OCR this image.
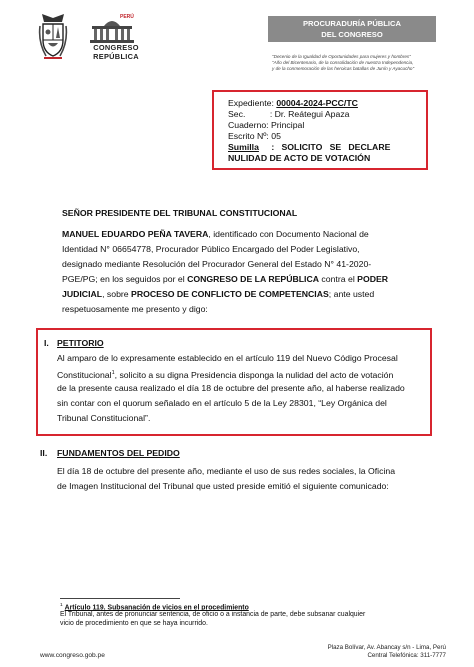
PERÚ
CONGRESO
REPÚBLICA
PROCURADURÍA PÚBLICA
DEL CONGRESO
"Decenio de la Igualdad de Oportunidades para mujeres y hombres"
"Año del Bicentenario, de la consolidación de nuestra Independencia,
y de la conmemoración de las heroicas batallas de Junín y Ayacucho"
Expediente: 00004-2024-PCC/TC
Sec.	: Dr. Reátegui Apaza
Cuaderno: Principal
Escrito Nº: 05
Sumilla :   SOLICITO   SE   DECLARE
NULIDAD DE ACTO DE VOTACIÓN
SEÑOR PRESIDENTE DEL TRIBUNAL CONSTITUCIONAL
MANUEL EDUARDO PEÑA TAVERA, identificado con Documento Nacional de
Identidad N° 06654778, Procurador Público Encargado del Poder Legislativo,
designado mediante Resolución del Procurador General del Estado N° 41-2020-
PGE/PG; en los seguidos por el CONGRESO DE LA REPÚBLICA contra el PODER
JUDICIAL, sobre PROCESO DE CONFLICTO DE COMPETENCIAS; ante usted
respetuosamente me presento y digo:
I. PETITORIO
Al amparo de lo expresamente establecido en el artículo 119 del Nuevo Código Procesal
Constitucional$^1$, solicito a su digna Presidencia disponga la nulidad del acto de votación
de la presente causa realizado el día 18 de octubre del presente año, al haberse realizado
sin contar con el quorum señalado en el artículo 5 de la Ley 28301, “Ley Orgánica del
Tribunal Constitucional”.
II. FUNDAMENTOS DEL PEDIDO
El día 18 de octubre del presente año, mediante el uso de sus redes sociales, la Oficina
de Imagen Institucional del Tribunal que usted preside emitió el siguiente comunicado:
$^1$ Artículo 119. Subsanación de vicios en el procedimiento
El Tribunal, antes de pronunciar sentencia, de oficio o a instancia de parte, debe subsanar cualquier
vicio de procedimiento en que se haya incurrido.
www.congreso.gob.pe
Plaza Bolívar, Av. Abancay s/n - Lima, Perú
Central Telefónica: 311-7777
